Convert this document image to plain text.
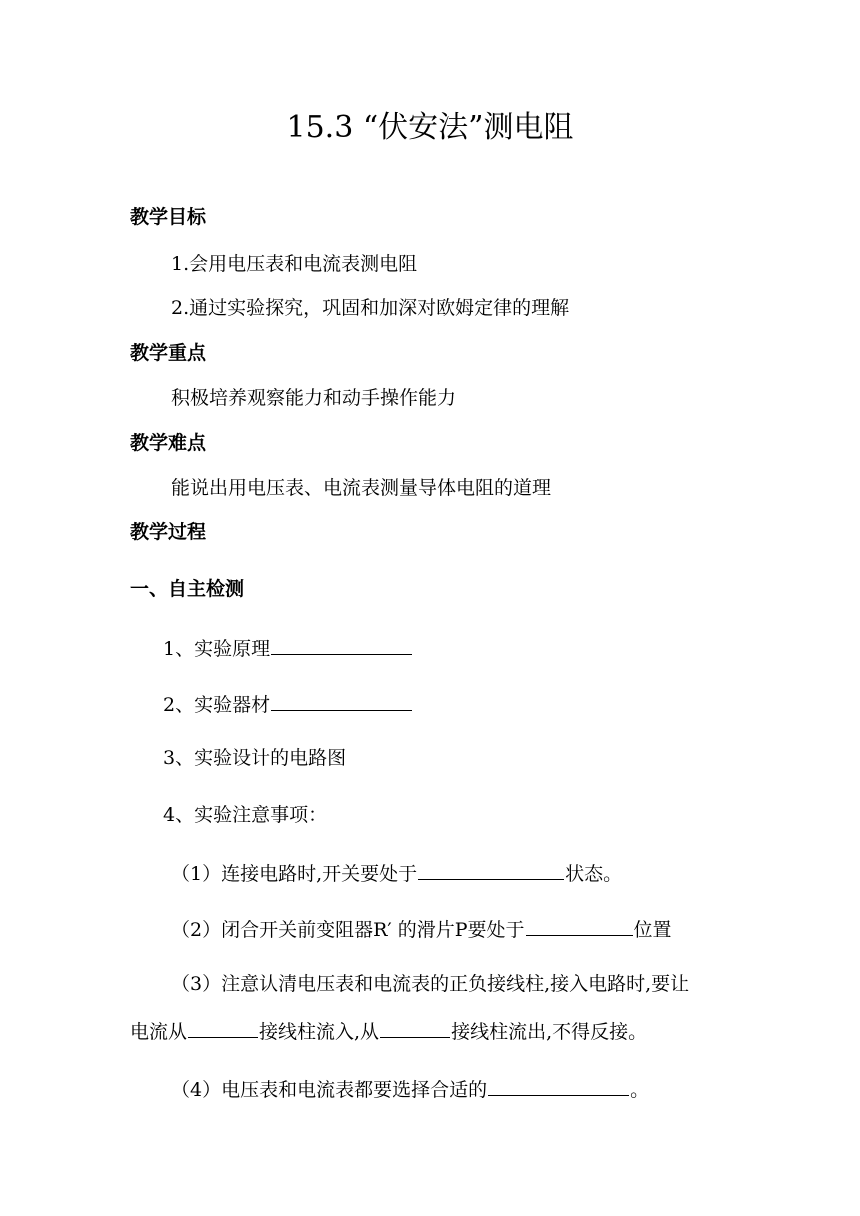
15.3 “伏安法”测电阻
教学目标
1.会用电压表和电流表测电阻
2.通过实验探究，巩固和加深对欧姆定律的理解
教学重点
积极培养观察能力和动手操作能力
教学难点
能说出用电压表、电流表测量导体电阻的道理
教学过程
一、自主检测
1、实验原理
2、实验器材
3、实验设计的电路图
4、实验注意事项：
（1）连接电路时,开关要处于	状态。
（2）闭合开关前变阻器R′ 的滑片P要处于	位置
（3）注意认清电压表和电流表的正负接线柱,接入电路时,要让
电流从	接线柱流入,从	接线柱流出,不得反接。
（4）电压表和电流表都要选择合适的	。
